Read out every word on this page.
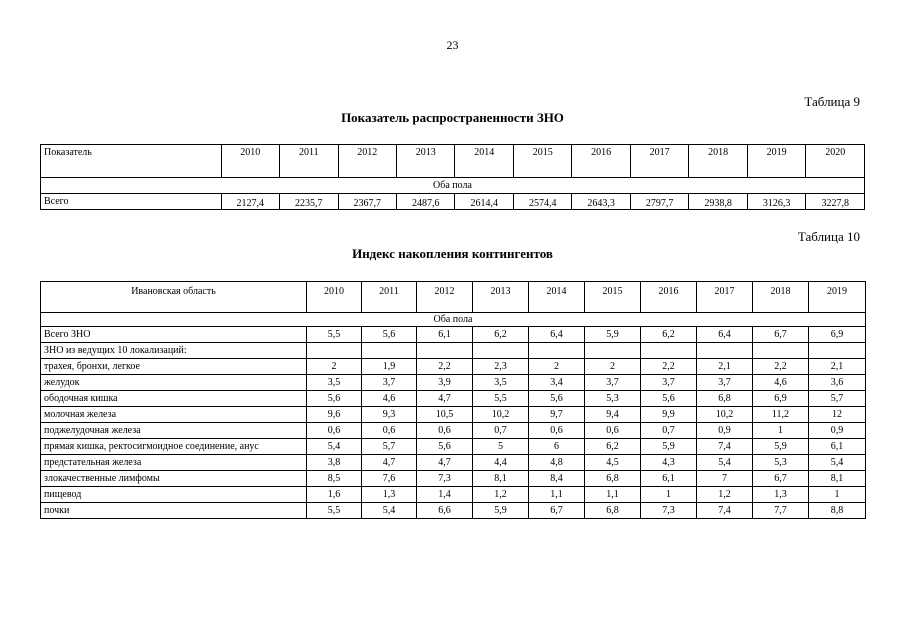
23
Таблица 9
Показатель распространенности ЗНО
Показатель	2010	2011	2012	2013	2014	2015	2016	2017	2018	2019	2020
Оба пола											
Всего	2127,4	2235,7	2367,7	2487,6	2614,4	2574,4	2643,3	2797,7	2938,8	3126,3	3227,8
Таблица 10
Индекс накопления контингентов
Ивановская область	2010	2011	2012	2013	2014	2015	2016	2017	2018	2019
Оба пола										
Всего ЗНО	5,5	5,6	6,1	6,2	6,4	5,9	6,2	6,4	6,7	6,9
ЗНО из ведущих 10 локализаций:										
трахея, бронхи, легкое	2	1,9	2,2	2,3	2	2	2,2	2,1	2,2	2,1
желудок	3,5	3,7	3,9	3,5	3,4	3,7	3,7	3,7	4,6	3,6
ободочная кишка	5,6	4,6	4,7	5,5	5,6	5,3	5,6	6,8	6,9	5,7
молочная железа	9,6	9,3	10,5	10,2	9,7	9,4	9,9	10,2	11,2	12
поджелудочная железа	0,6	0,6	0,6	0,7	0,6	0,6	0,7	0,9	1	0,9
прямая кишка, ректосигмоидное соединение, анус	5,4	5,7	5,6	5	6	6,2	5,9	7,4	5,9	6,1
предстательная железа	3,8	4,7	4,7	4,4	4,8	4,5	4,3	5,4	5,3	5,4
злокачественные лимфомы	8,5	7,6	7,3	8,1	8,4	6,8	6,1	7	6,7	8,1
пищевод	1,6	1,3	1,4	1,2	1,1	1,1	1	1,2	1,3	1
почки	5,5	5,4	6,6	5,9	6,7	6,8	7,3	7,4	7,7	8,8
